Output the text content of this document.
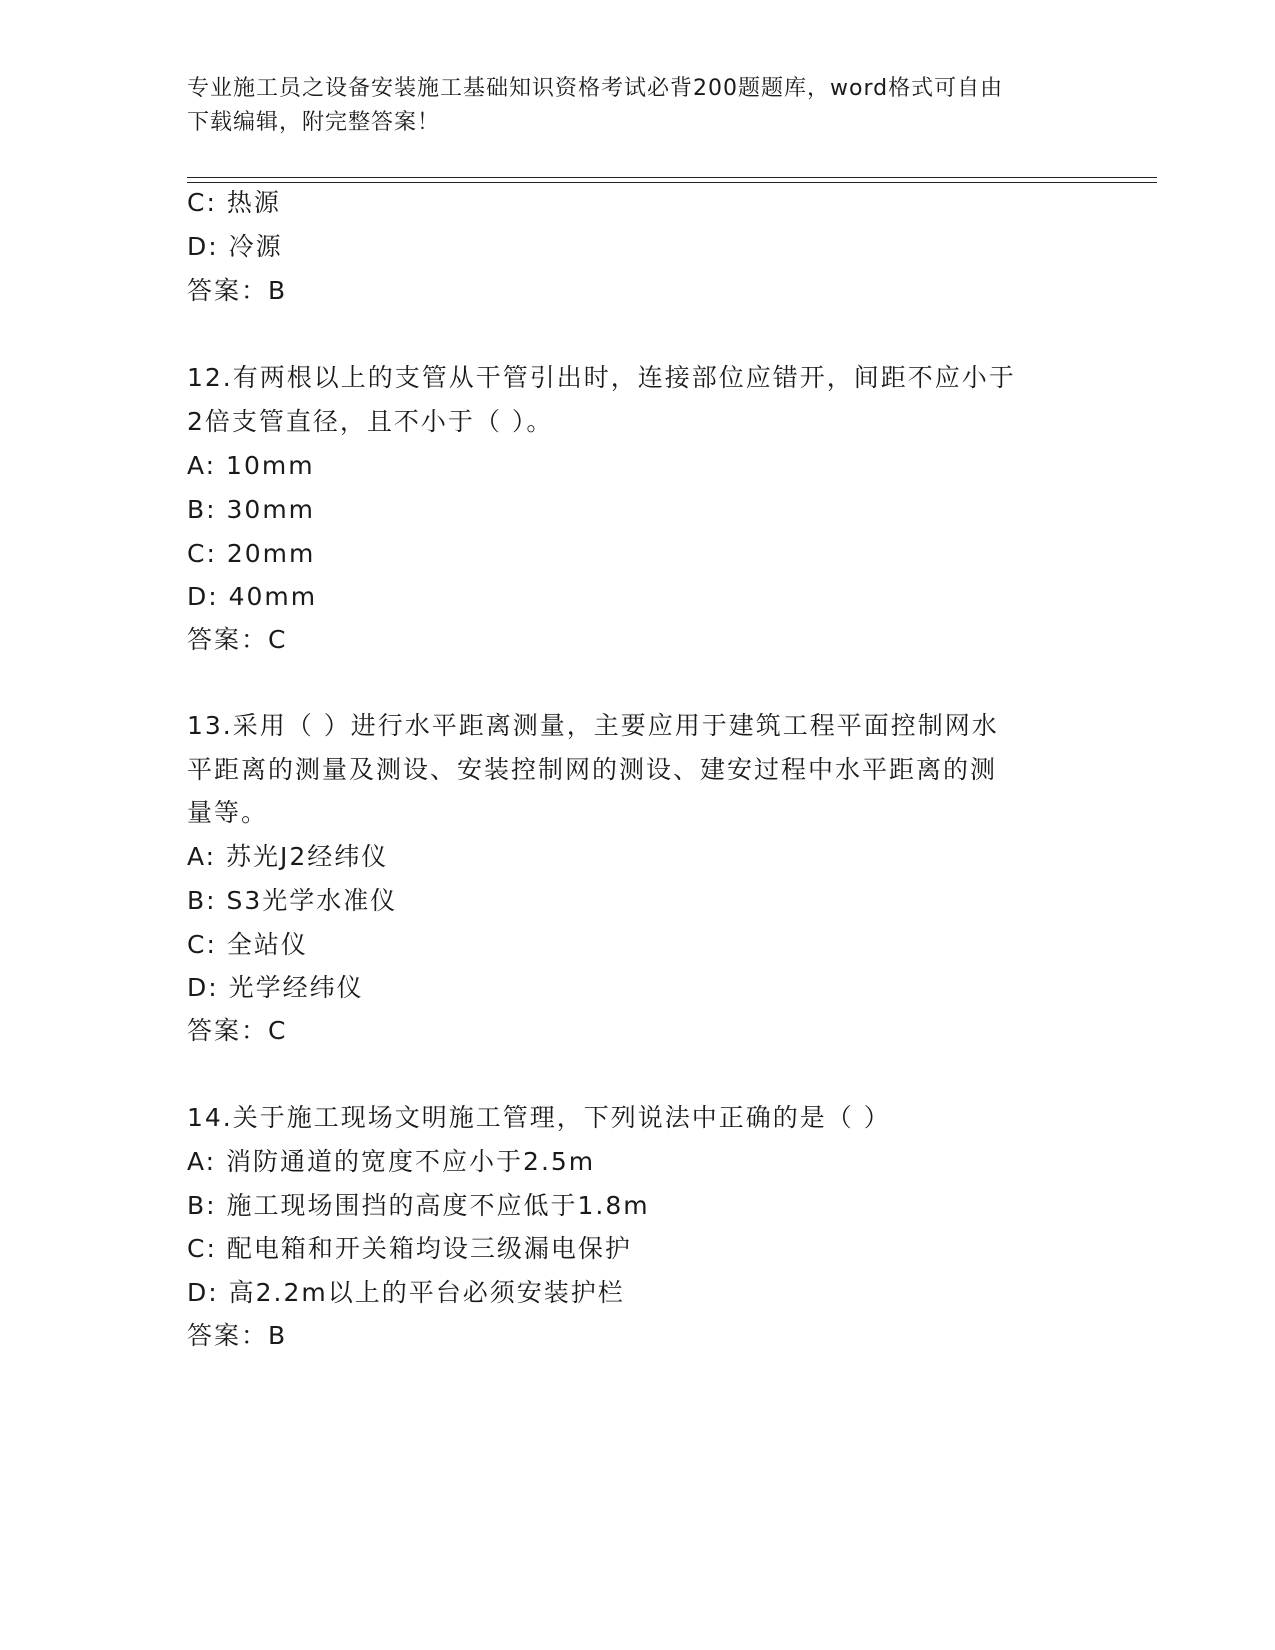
专业施工员之设备安装施工基础知识资格考试必背200题题库，word格式可自由
下载编辑，附完整答案！
C: 热源
D: 冷源
答案：B
12.有两根以上的支管从干管引出时，连接部位应错开，间距不应小于
2倍支管直径，且不小于（ ）。
A: 10mm
B: 30mm
C: 20mm
D: 40mm
答案：C
13.采用（ ）进行水平距离测量，主要应用于建筑工程平面控制网水
平距离的测量及测设、安装控制网的测设、建安过程中水平距离的测
量等。
A: 苏光J2经纬仪
B: S3光学水准仪
C: 全站仪
D: 光学经纬仪
答案：C
14.关于施工现场文明施工管理，下列说法中正确的是（ ）
A: 消防通道的宽度不应小于2.5m
B: 施工现场围挡的高度不应低于1.8m
C: 配电箱和开关箱均设三级漏电保护
D: 高2.2m以上的平台必须安装护栏
答案：B
